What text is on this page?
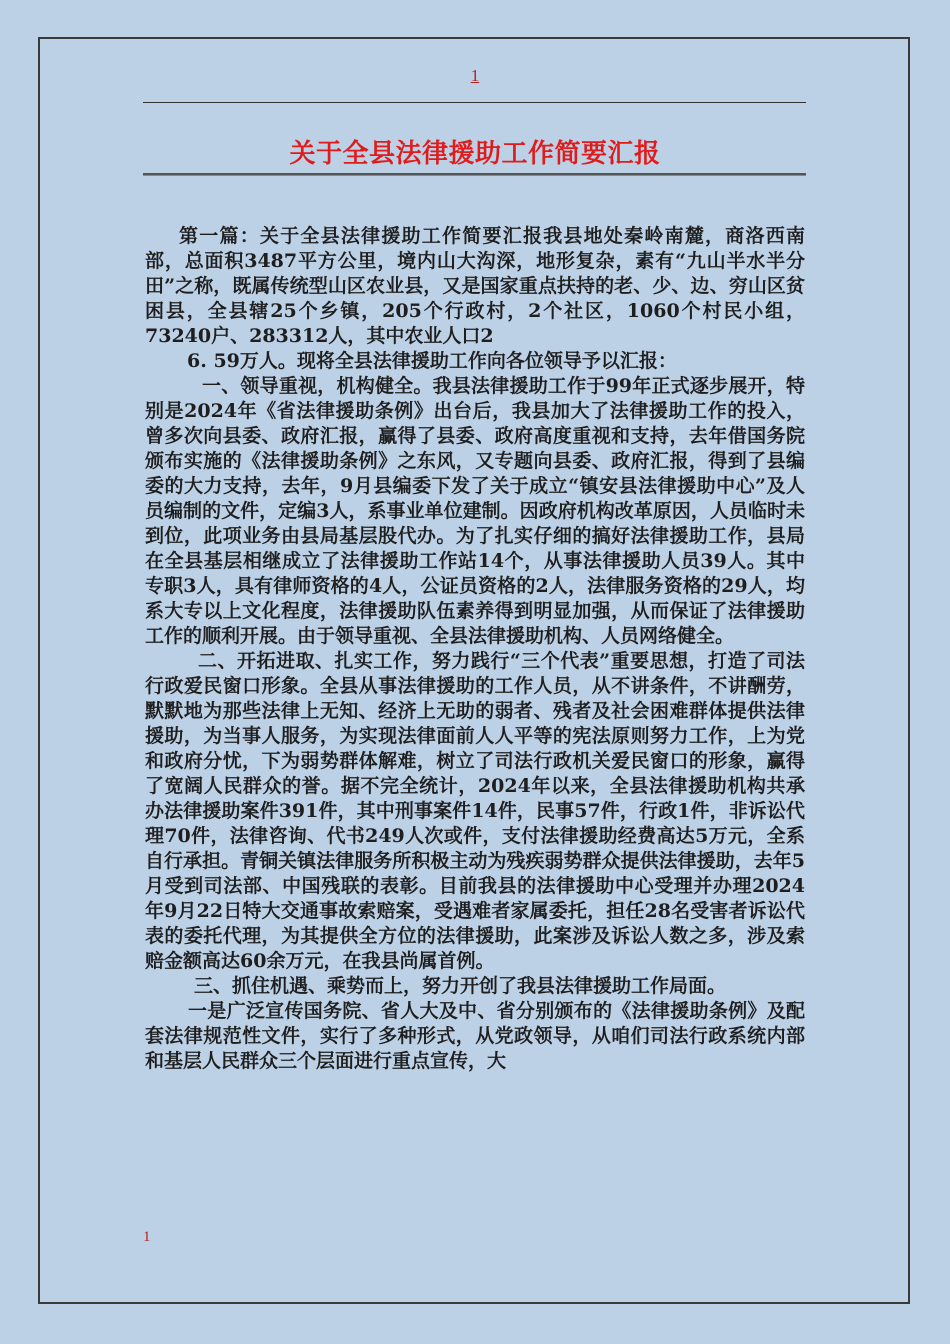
1
关于全县法律援助工作简要汇报

第一篇：关于全县法律援助工作简要汇报我县地处秦岭南麓，商洛西南部，总面积3487平方公里，境内山大沟深，地形复杂，素有“九山半水半分田”之称，既属传统型山区农业县，又是国家重点扶持的老、少、边、穷山区贫困县，全县辖25个乡镇，205个行政村，2个社区，1060个村民小组，73240户、283312人，其中农业人口2

6. 59万人。现将全县法律援助工作向各位领导予以汇报：

一、领导重视，机构健全。我县法律援助工作于99年正式逐步展开，特别是2024年《省法律援助条例》出台后，我县加大了法律援助工作的投入，曾多次向县委、政府汇报，赢得了县委、政府高度重视和支持，去年借国务院颁布实施的《法律援助条例》之东风，又专题向县委、政府汇报，得到了县编委的大力支持，去年，9月县编委下发了关于成立“镇安县法律援助中心”及人员编制的文件，定编3人，系事业单位建制。因政府机构改革原因，人员临时未到位，此项业务由县局基层股代办。为了扎实仔细的搞好法律援助工作，县局在全县基层相继成立了法律援助工作站14个，从事法律援助人员39人。其中专职3人，具有律师资格的4人，公证员资格的2人，法律服务资格的29人，均系大专以上文化程度，法律援助队伍素养得到明显加强，从而保证了法律援助工作的顺利开展。由于领导重视、全县法律援助机构、人员网络健全。

二、开拓进取、扎实工作，努力践行“三个代表”重要思想，打造了司法行政爱民窗口形象。全县从事法律援助的工作人员，从不讲条件，不讲酬劳，默默地为那些法律上无知、经济上无助的弱者、残者及社会困难群体提供法律援助，为当事人服务，为实现法律面前人人平等的宪法原则努力工作，上为党和政府分忧，下为弱势群体解难，树立了司法行政机关爱民窗口的形象，赢得了宽阔人民群众的誉。据不完全统计，2024年以来，全县法律援助机构共承办法律援助案件391件，其中刑事案件14件，民事57件，行政1件，非诉讼代理70件，法律咨询、代书249人次或件，支付法律援助经费高达5万元，全系自行承担。青铜关镇法律服务所积极主动为残疾弱势群众提供法律援助，去年5月受到司法部、中国残联的表彰。目前我县的法律援助中心受理并办理2024年9月22日特大交通事故索赔案，受遇难者家属委托，担任28名受害者诉讼代表的委托代理，为其提供全方位的法律援助，此案涉及诉讼人数之多，涉及索赔金额高达60余万元，在我县尚属首例。

三、抓住机遇、乘势而上，努力开创了我县法律援助工作局面。

一是广泛宣传国务院、省人大及中、省分别颁布的《法律援助条例》及配套法律规范性文件，实行了多种形式，从党政领导，从咱们司法行政系统内部和基层人民群众三个层面进行重点宣传，大

1
